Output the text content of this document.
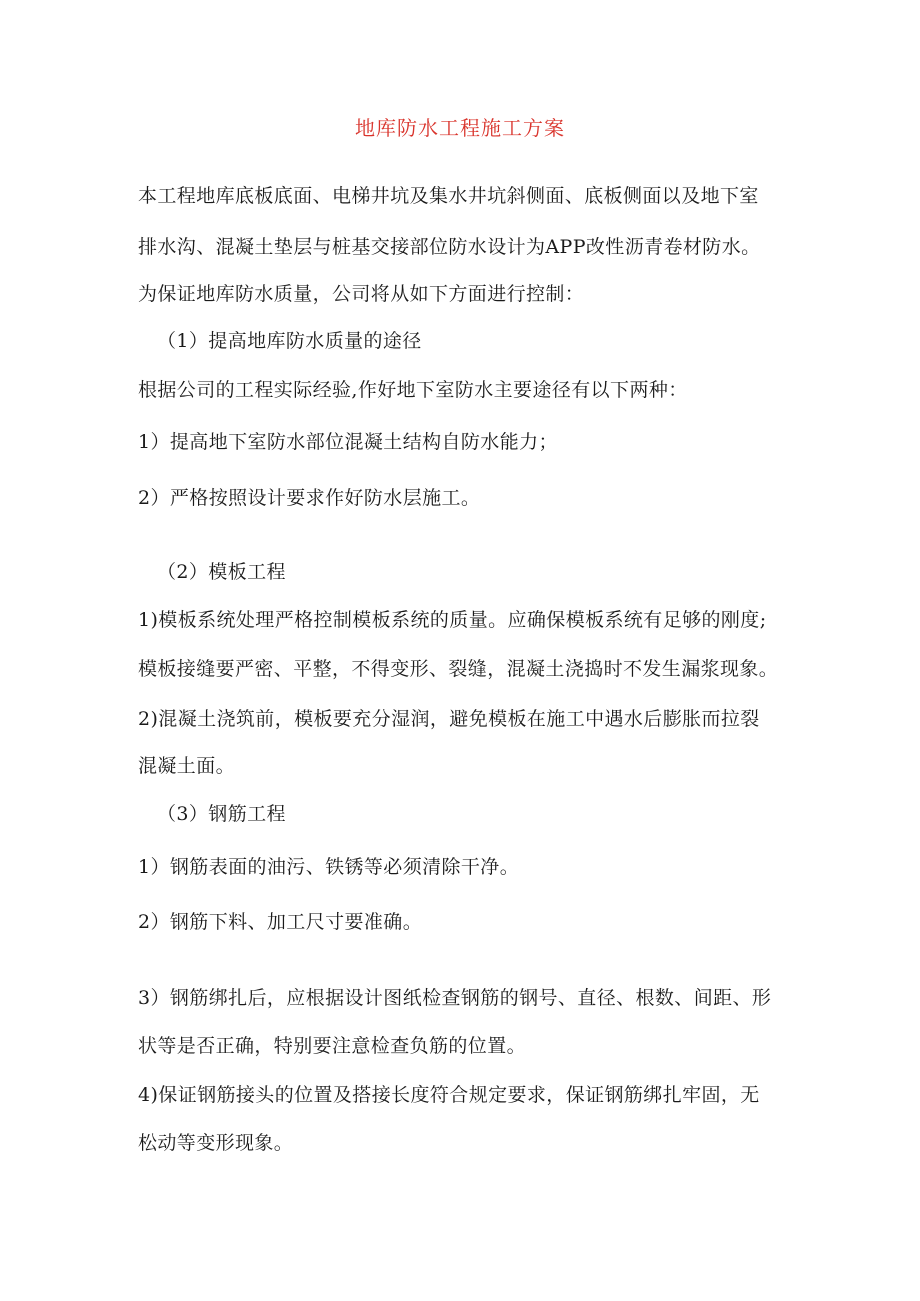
地库防水工程施工方案
本工程地库底板底面、电梯井坑及集水井坑斜侧面、底板侧面以及地下室
排水沟、混凝土垫层与桩基交接部位防水设计为APP改性沥青卷材防水。
为保证地库防水质量，公司将从如下方面进行控制：
（1）提高地库防水质量的途径
根据公司的工程实际经验,作好地下室防水主要途径有以下两种：
1）提高地下室防水部位混凝土结构自防水能力；
2）严格按照设计要求作好防水层施工。
（2）模板工程
1)模板系统处理严格控制模板系统的质量。应确保模板系统有足够的刚度;
模板接缝要严密、平整，不得变形、裂缝，混凝土浇捣时不发生漏浆现象。
2)混凝土浇筑前，模板要充分湿润，避免模板在施工中遇水后膨胀而拉裂
混凝土面。
（3）钢筋工程
1）钢筋表面的油污、铁锈等必须清除干净。
2）钢筋下料、加工尺寸要准确。
3）钢筋绑扎后，应根据设计图纸检查钢筋的钢号、直径、根数、间距、形
状等是否正确，特别要注意检查负筋的位置。
4)保证钢筋接头的位置及搭接长度符合规定要求，保证钢筋绑扎牢固，无
松动等变形现象。
